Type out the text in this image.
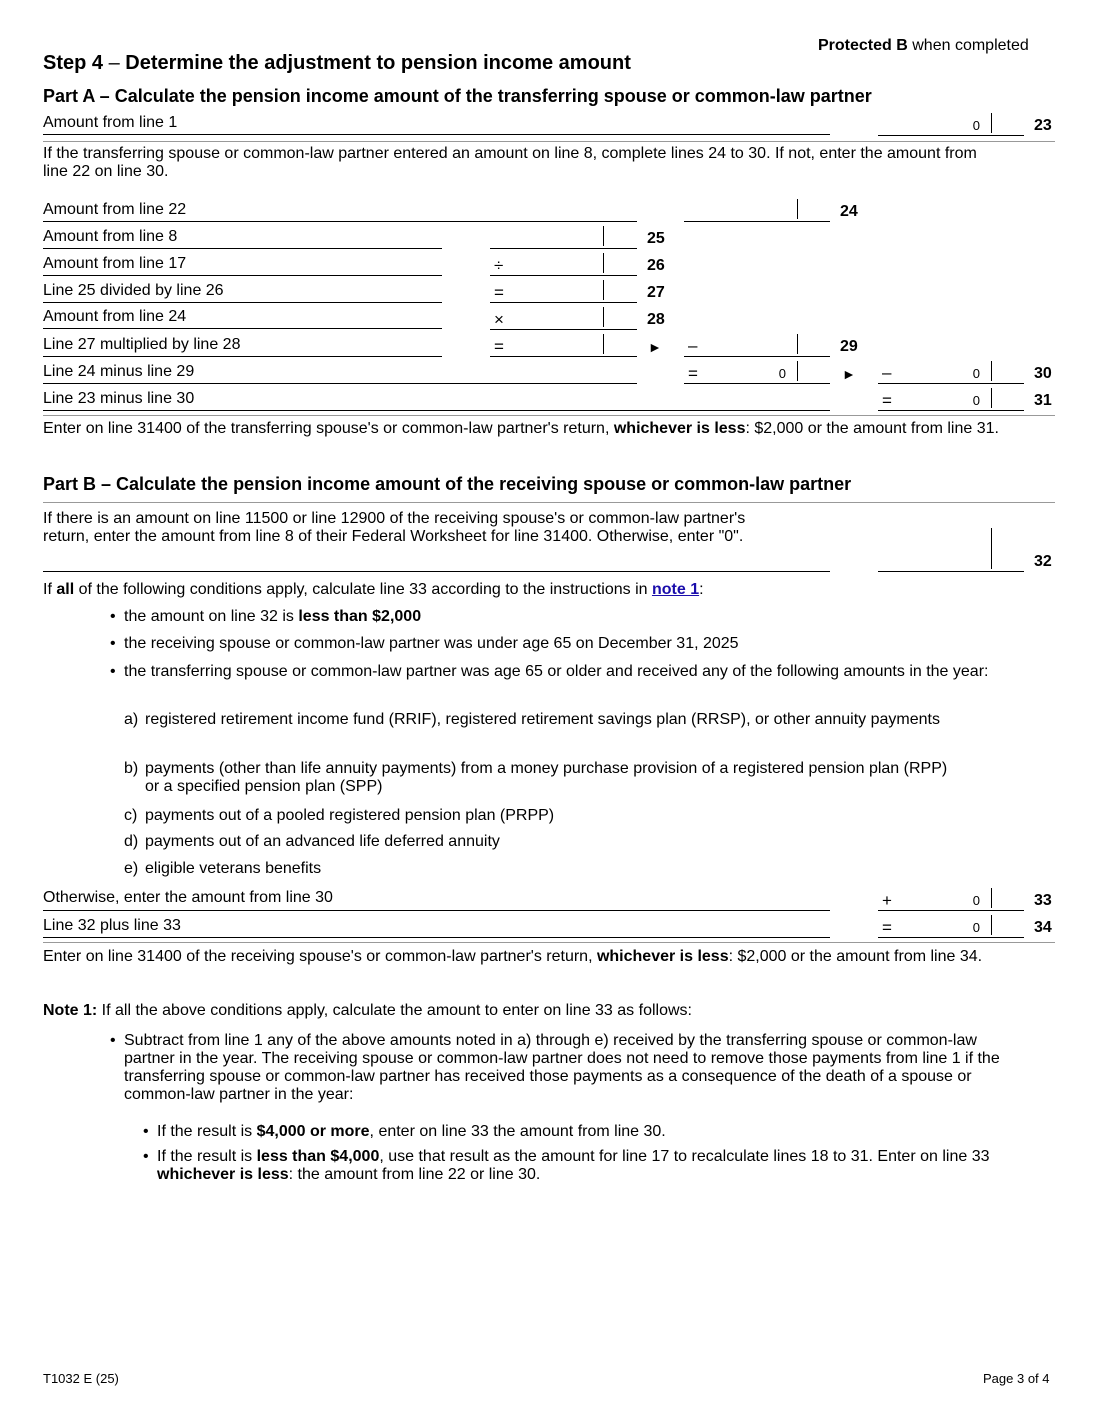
Protected B when completed
Step 4 – Determine the adjustment to pension income amount
Part A – Calculate the pension income amount of the transferring spouse or common-law partner
Amount from line 1	0	23
If the transferring spouse or common-law partner entered an amount on line 8, complete lines 24 to 30. If not, enter the amount from line 22 on line 30.
Amount from line 22	24
Amount from line 8	25
Amount from line 17	÷	26
Line 25 divided by line 26	=	27
Amount from line 24	×	28
Line 27 multiplied by line 28	=	► –	29
Line 24 minus line 29	=	0	► –	0	30
Line 23 minus line 30	=	0	31
Enter on line 31400 of the transferring spouse's or common-law partner's return, whichever is less: $2,000 or the amount from line 31.
Part B – Calculate the pension income amount of the receiving spouse or common-law partner
If there is an amount on line 11500 or line 12900 of the receiving spouse's or common-law partner's return, enter the amount from line 8 of their Federal Worksheet for line 31400. Otherwise, enter "0".
32
If all of the following conditions apply, calculate line 33 according to the instructions in note 1:
• the amount on line 32 is less than $2,000
• the receiving spouse or common-law partner was under age 65 on December 31, 2025
• the transferring spouse or common-law partner was age 65 or older and received any of the following amounts in the year:
a) registered retirement income fund (RRIF), registered retirement savings plan (RRSP), or other annuity payments
b) payments (other than life annuity payments) from a money purchase provision of a registered pension plan (RPP) or a specified pension plan (SPP)
c) payments out of a pooled registered pension plan (PRPP)
d) payments out of an advanced life deferred annuity
e) eligible veterans benefits
Otherwise, enter the amount from line 30	+	0	33
Line 32 plus line 33	=	0	34
Enter on line 31400 of the receiving spouse's or common-law partner's return, whichever is less: $2,000 or the amount from line 34.
Note 1: If all the above conditions apply, calculate the amount to enter on line 33 as follows:
• Subtract from line 1 any of the above amounts noted in a) through e) received by the transferring spouse or common-law partner in the year. The receiving spouse or common-law partner does not need to remove those payments from line 1 if the transferring spouse or common-law partner has received those payments as a consequence of the death of a spouse or common-law partner in the year:
• If the result is $4,000 or more, enter on line 33 the amount from line 30.
• If the result is less than $4,000, use that result as the amount for line 17 to recalculate lines 18 to 31. Enter on line 33 whichever is less: the amount from line 22 or line 30.
T1032 E (25)	Page 3 of 4
